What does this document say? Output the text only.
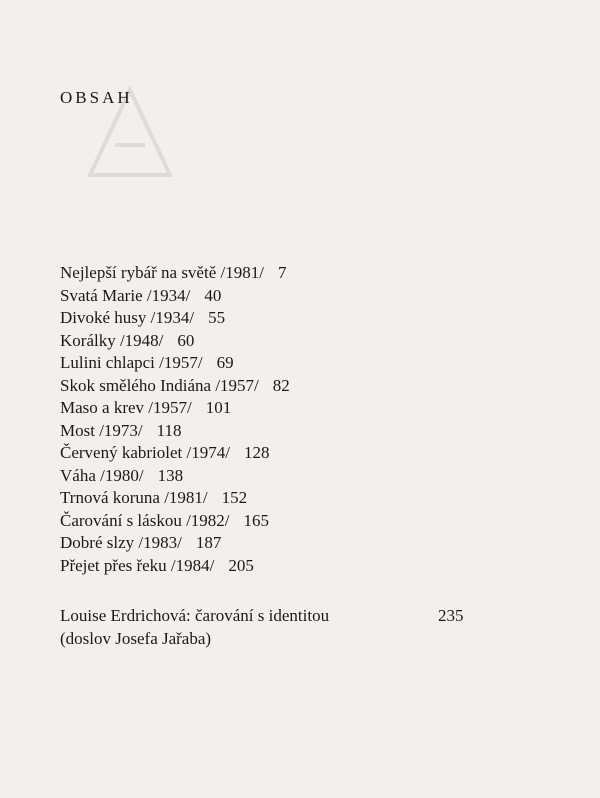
OBSAH
Nejlepší rybář na světě /1981/ 7
Svatá Marie /1934/ 40
Divoké husy /1934/ 55
Korálky /1948/ 60
Lulini chlapci /1957/ 69
Skok smělého Indiána /1957/ 82
Maso a krev /1957/ 101
Most /1973/ 118
Červený kabriolet /1974/ 128
Váha /1980/ 138
Trnová koruna /1981/ 152
Čarování s láskou /1982/ 165
Dobré slzy /1983/ 187
Přejet přes řeku /1984/ 205
Louise Erdrichová: čarování s identitou	235
(doslov Josefa Jařaba)
